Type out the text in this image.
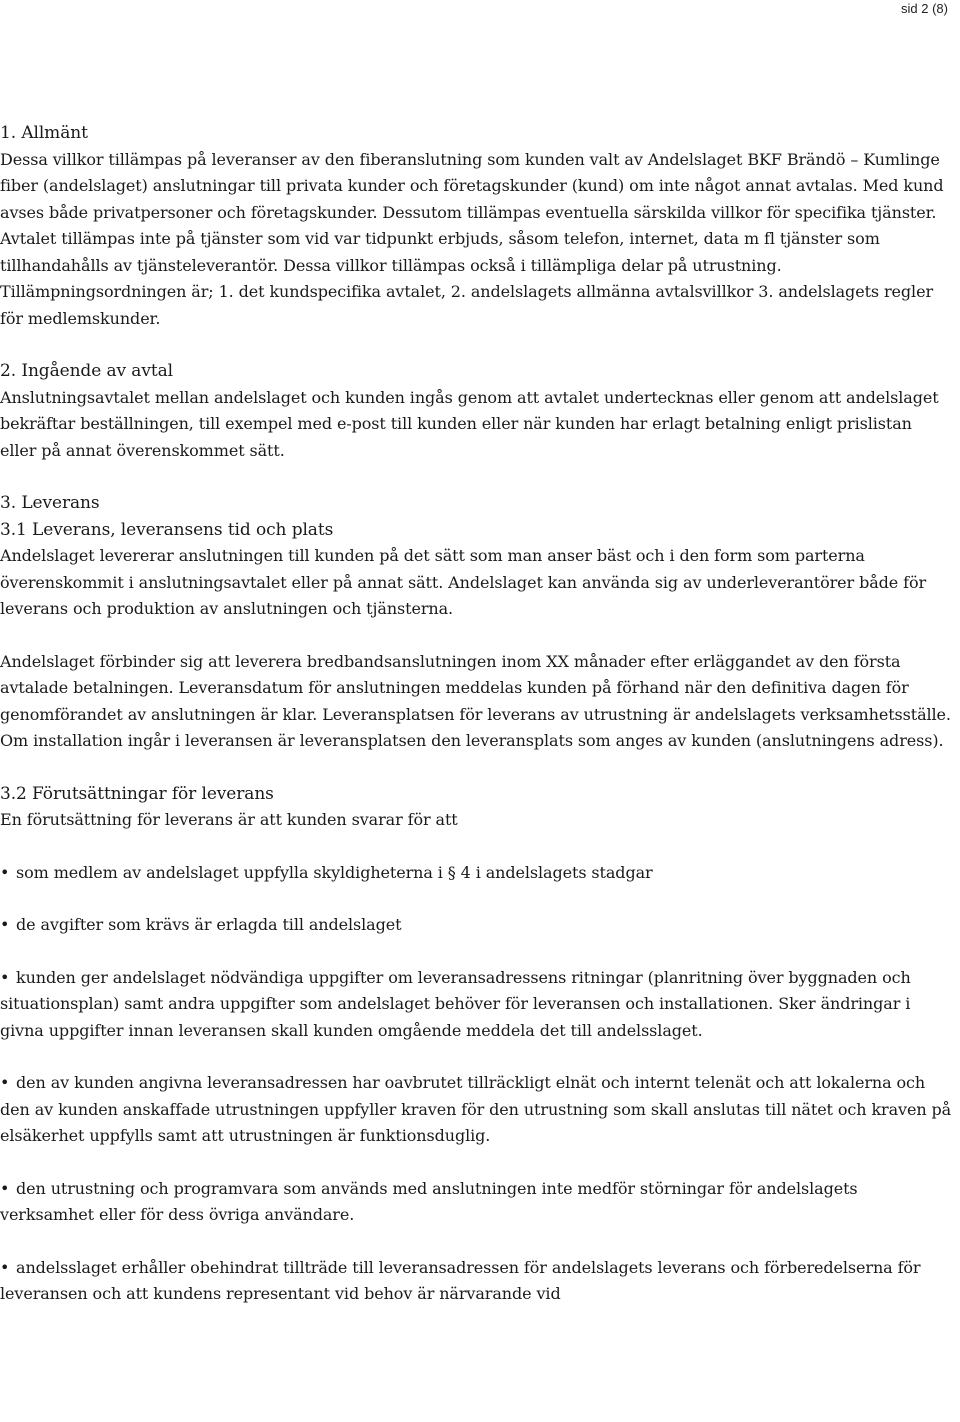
sid 2 (8)
1. Allmänt

Dessa villkor tillämpas på leveranser av den fiberanslutning som kunden valt av Andelslaget BKF Brändö – Kumlinge fiber (andelslaget) anslutningar till privata kunder och företagskunder (kund) om inte något annat avtalas. Med kund avses både privatpersoner och företagskunder. Dessutom tillämpas eventuella särskilda villkor för specifika tjänster. Avtalet tillämpas inte på tjänster som vid var tidpunkt erbjuds, såsom telefon, internet, data m fl tjänster som tillhandahålls av tjänsteleverantör. Dessa villkor tillämpas också i tillämpliga delar på utrustning. Tillämpningsordningen är; 1. det kundspecifika avtalet, 2. andelslagets allmänna avtalsvillkor 3. andelslagets regler för medlemskunder.

2. Ingående av avtal

Anslutningsavtalet mellan andelslaget och kunden ingås genom att avtalet undertecknas eller genom att andelslaget bekräftar beställningen, till exempel med e-post till kunden eller när kunden har erlagt betalning enligt prislistan eller på annat överenskommet sätt.

3. Leverans
3.1 Leverans, leveransens tid och plats

Andelslaget levererar anslutningen till kunden på det sätt som man anser bäst och i den form som parterna överenskommit i anslutningsavtalet eller på annat sätt. Andelslaget kan använda sig av underleverantörer både för leverans och produktion av anslutningen och tjänsterna.

Andelslaget förbinder sig att leverera bredbandsanslutningen inom XX månader efter erläggandet av den första avtalade betalningen. Leveransdatum för anslutningen meddelas kunden på förhand när den definitiva dagen för genomförandet av anslutningen är klar. Leveransplatsen för leverans av utrustning är andelslagets verksamhetsställe. Om installation ingår i leveransen är leveransplatsen den leveransplats som anges av kunden (anslutningens adress).

3.2 Förutsättningar för leverans

En förutsättning för leverans är att kunden svarar för att

• som medlem av andelslaget uppfylla skyldigheterna i § 4 i andelslagets stadgar

• de avgifter som krävs är erlagda till andelslaget

• kunden ger andelslaget nödvändiga uppgifter om leveransadressens ritningar (planritning över byggnaden och situationsplan) samt andra uppgifter som andelslaget behöver för leveransen och installationen. Sker ändringar i givna uppgifter innan leveransen skall kunden omgående meddela det till andelsslaget.

• den av kunden angivna leveransadressen har oavbrutet tillräckligt elnät och internt telenät och att lokalerna och den av kunden anskaffade utrustningen uppfyller kraven för den utrustning som skall anslutas till nätet och kraven på elsäkerhet uppfylls samt att utrustningen är funktionsduglig.

• den utrustning och programvara som används med anslutningen inte medför störningar för andelslagets verksamhet eller för dess övriga användare.

• andelsslaget erhåller obehindrat tillträde till leveransadressen för andelslagets leverans och förberedelserna för leveransen och att kundens representant vid behov är närvarande vid
